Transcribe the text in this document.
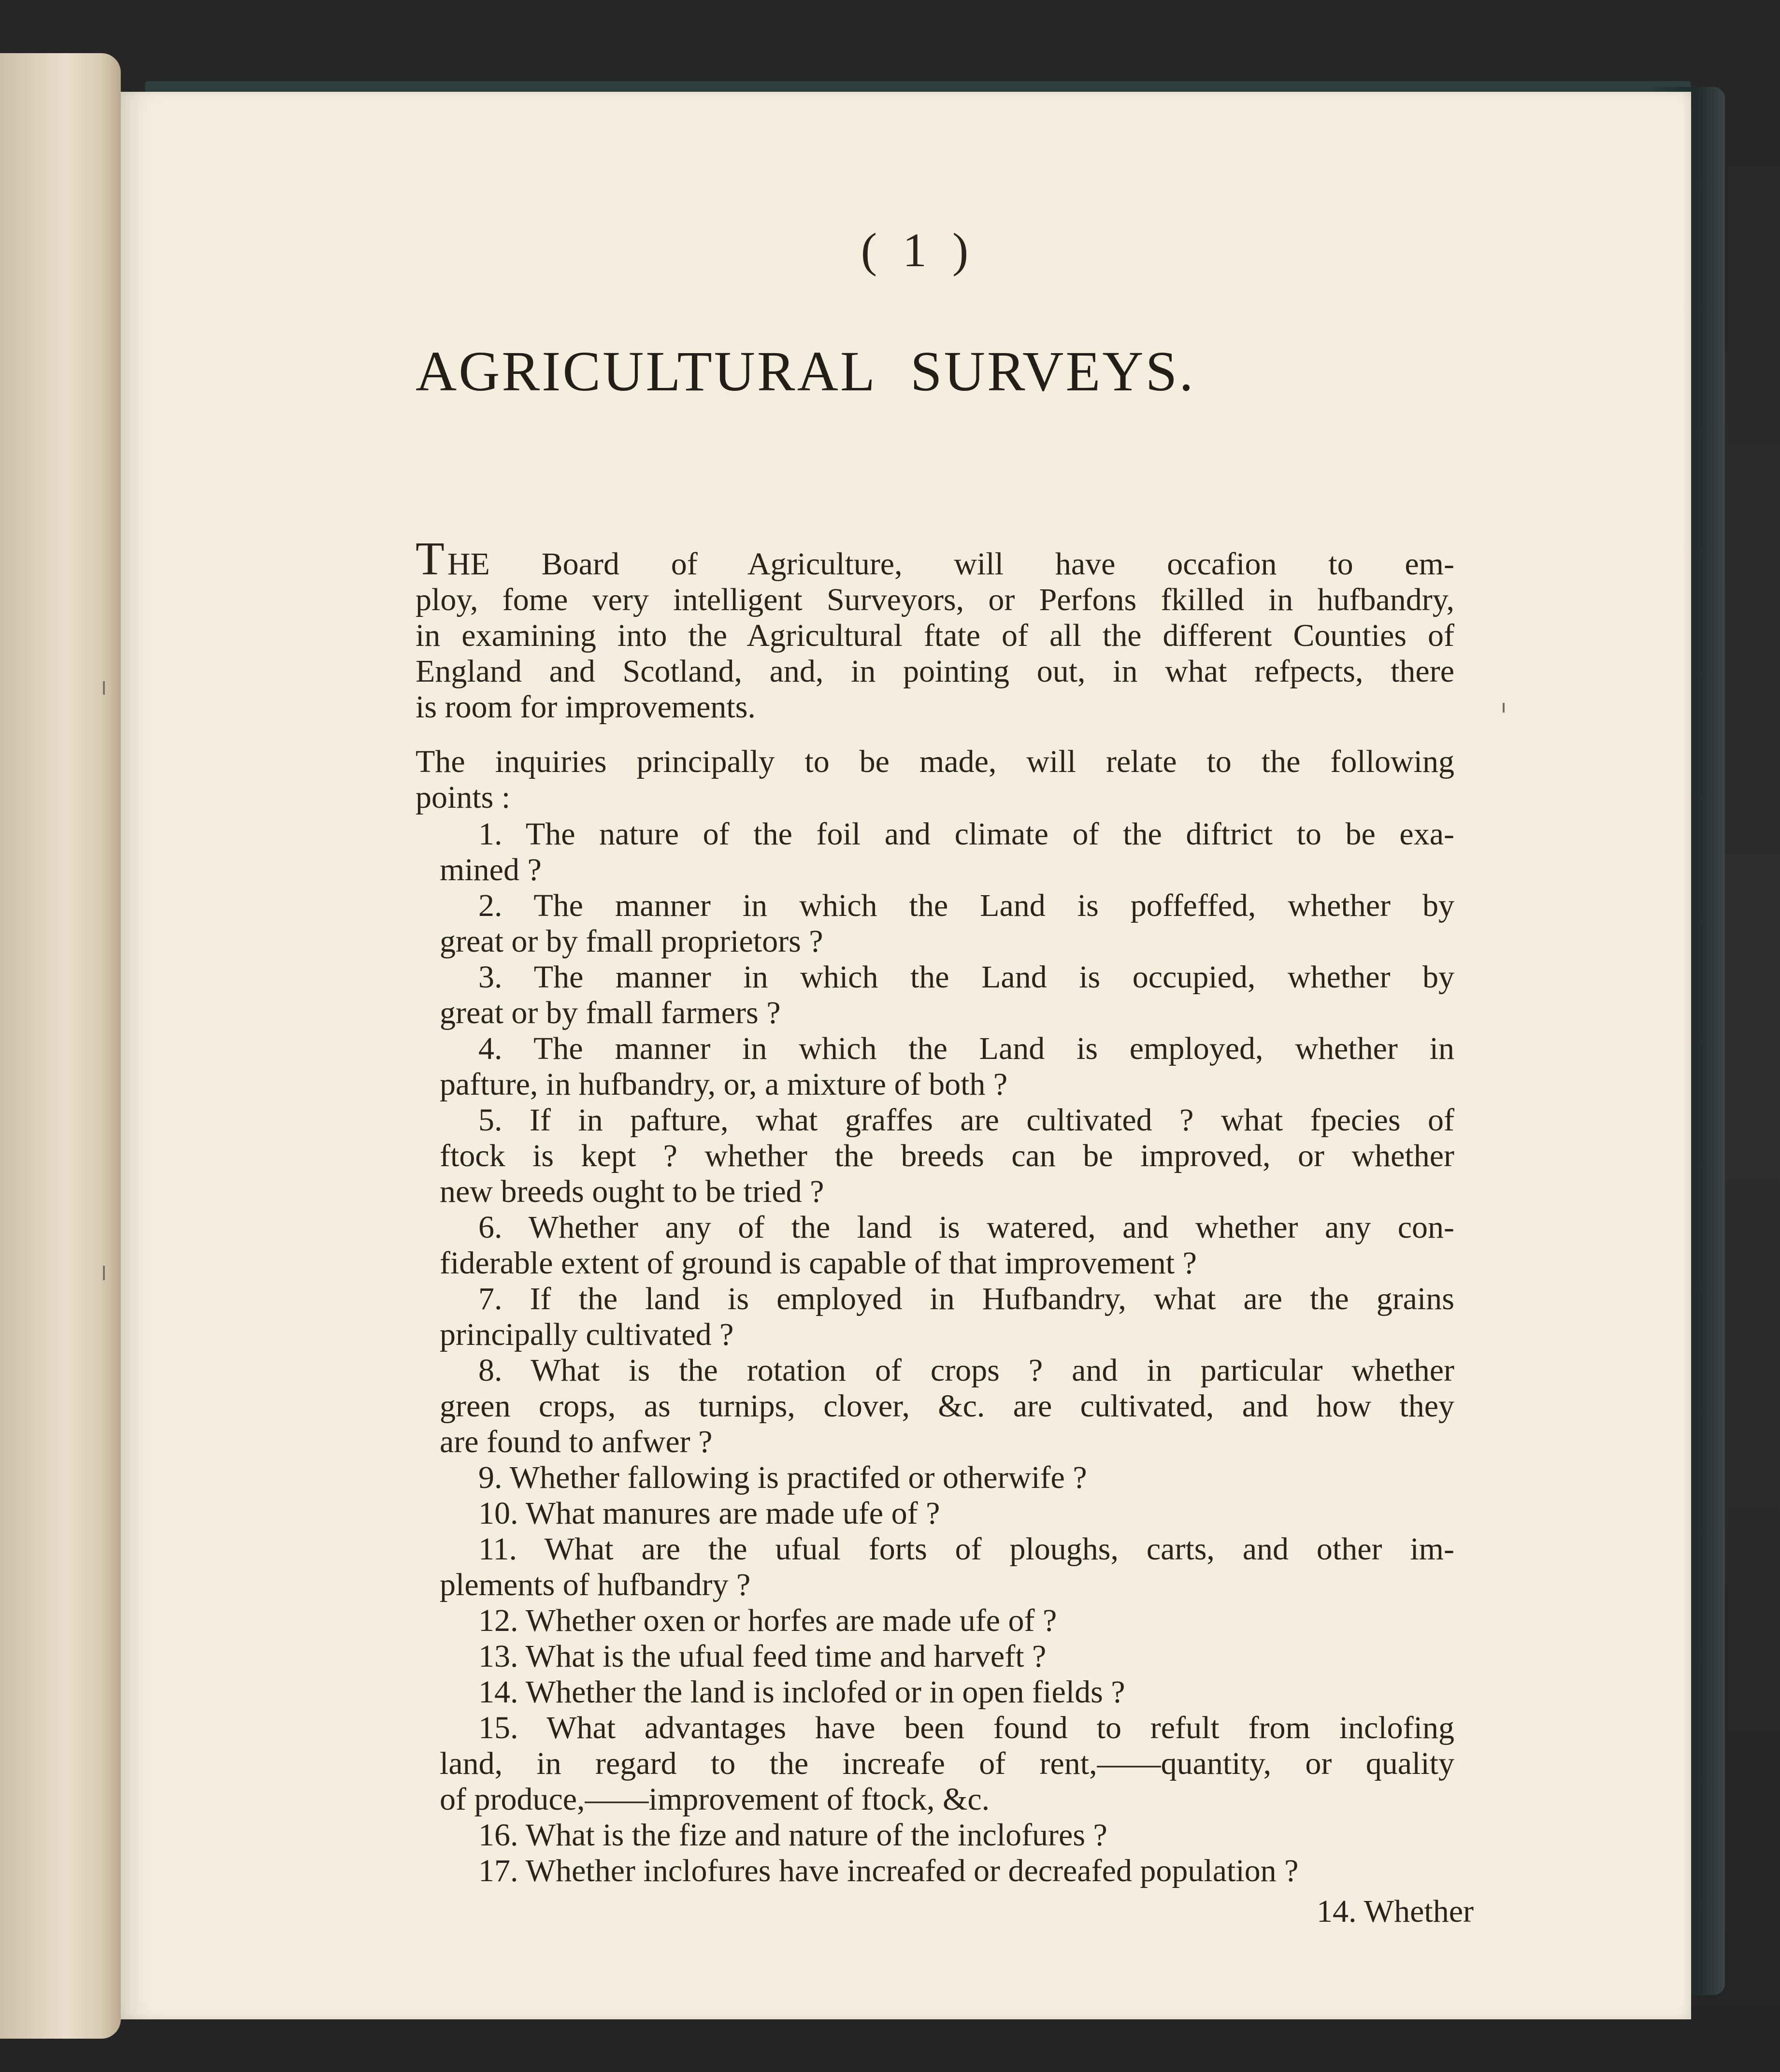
( 1 )
AGRICULTURAL SURVEYS.
THE Board of Agriculture, will have occafion to em-
ploy, fome very intelligent Surveyors, or Perfons fkilled in hufbandry,
in examining into the Agricultural ftate of all the different Counties of
England and Scotland, and, in pointing out, in what refpects, there
is room for improvements.
The inquiries principally to be made, will relate to the following
points :
1. The nature of the foil and climate of the diftrict to be exa-
mined ?
2. The manner in which the Land is poffeffed, whether by
great or by fmall proprietors ?
3. The manner in which the Land is occupied, whether by
great or by fmall farmers ?
4. The manner in which the Land is employed, whether in
pafture, in hufbandry, or, a mixture of both ?
5. If in pafture, what graffes are cultivated ? what fpecies of
ftock is kept ? whether the breeds can be improved, or whether
new breeds ought to be tried ?
6. Whether any of the land is watered, and whether any con-
fiderable extent of ground is capable of that improvement ?
7. If the land is employed in Hufbandry, what are the grains
principally cultivated ?
8. What is the rotation of crops ? and in particular whether
green crops, as turnips, clover, &c. are cultivated, and how they
are found to anfwer ?
9. Whether fallowing is practifed or otherwife ?
10. What manures are made ufe of ?
11. What are the ufual forts of ploughs, carts, and other im-
plements of hufbandry ?
12. Whether oxen or horfes are made ufe of ?
13. What is the ufual feed time and harveft ?
14. Whether the land is inclofed or in open fields ?
15. What advantages have been found to refult from inclofing
land, in regard to the increafe of rent,——quantity, or quality
of produce,——improvement of ftock, &c.
16. What is the fize and nature of the inclofures ?
17. Whether inclofures have increafed or decreafed population ?
14. Whether
